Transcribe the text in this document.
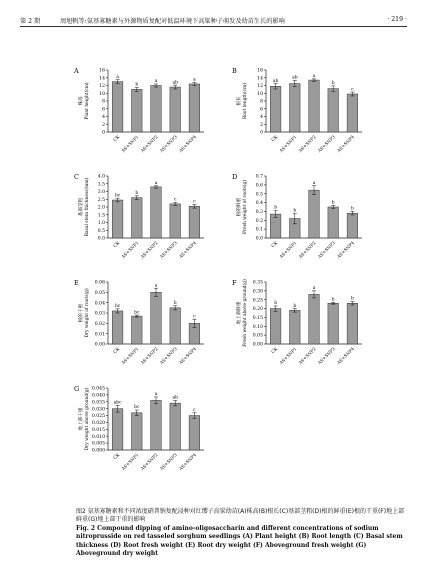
第 2 期	周旭帆等:氨基寡糖素与外源物质复配对低温环境下高粱种子萌发及幼苗生长的影响	· 219 ·
A
0
2
4
6
8
10
12
14
16
株高 Plant height(cm)
a
CK
b
AS+SNP1
a
AS+SNP2
ab
AS+SNP3
a
AS+SNP4
B
0
2
4
6
8
10
12
14
16
根长 Root length(cm)
ab
CK
ab
AS+SNP1
a
AS+SNP2
b
AS+SNP3
c
AS+SNP4
C
0.0
0.5
1.0
1.5
2.0
2.5
3.0
3.5
4.0
基部茎粗 Basal stem thickness(mm)	bc
CK
b
AS+SNP1
a
AS+SNP2
c
AS+SNP3
c
AS+SNP4
D
0.0
0.1
0.2
0.3
0.4
0.5
0.6
0.7
根的鲜重 Fresh weight of roots(g)	b
CK
b
AS+SNP1
a
AS+SNP2
b
AS+SNP3
b
AS+SNP4
E
0.00
0.01
0.02
0.03
0.04
0.05
0.06
根的干重 Dry weight of roots(g)	bc
CK
bc
AS+SNP1
a
AS+SNP2
b
AS+SNP3
c
AS+SNP4
F
0.00
0.05
0.10
0.15
0.20
0.25
0.30
0.35
地上部鲜重 Fresh weight above ground(g)	b
CK
b
AS+SNP1
a
AS+SNP2
b
AS+SNP3
b
AS+SNP4
G
0.000
0.005
0.010
0.015
0.020
0.025
0.030
0.035
0.040
0.045
地上部干重 Dry weight above ground(g)	abc
CK
bc
AS+SNP1
a
AS+SNP2
ab
AS+SNP3
c
AS+SNP4
图2 氨基寡糖素和不同浓度硝普钠复配浸种对红缨子高粱幼苗(A)株高(B)根长(C)基部茎粗(D)根的鲜重(E)根的干重(F)地上部鲜重(G)地上部干重的影响
Fig. 2 Compound dipping of amino-oligosaccharin and different concentrations of sodium nitroprusside on red tasseled sorghum seedlings (A) Plant height (B) Root length (C) Basal stem thickness (D) Root fresh weight (E) Root dry weight (F) Aboveground fresh weight (G) Aboveground dry weight
